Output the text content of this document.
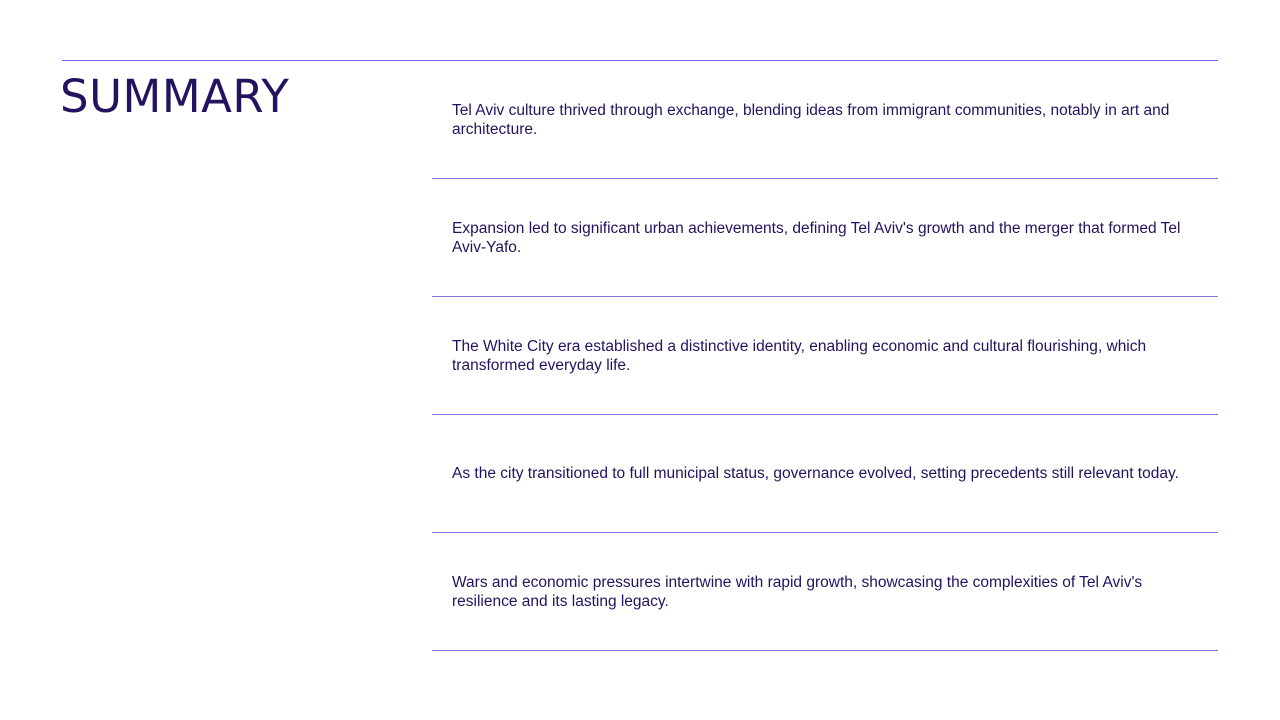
SUMMARY	Tel Aviv culture thrived through exchange, blending ideas from immigrant communities, notably in art and architecture.
Expansion led to significant urban achievements, defining Tel Aviv's growth and the merger that formed Tel Aviv-Yafo.
The White City era established a distinctive identity, enabling economic and cultural flourishing, which transformed everyday life.
As the city transitioned to full municipal status, governance evolved, setting precedents still relevant today.
Wars and economic pressures intertwine with rapid growth, showcasing the complexities of Tel Aviv's resilience and its lasting legacy.
